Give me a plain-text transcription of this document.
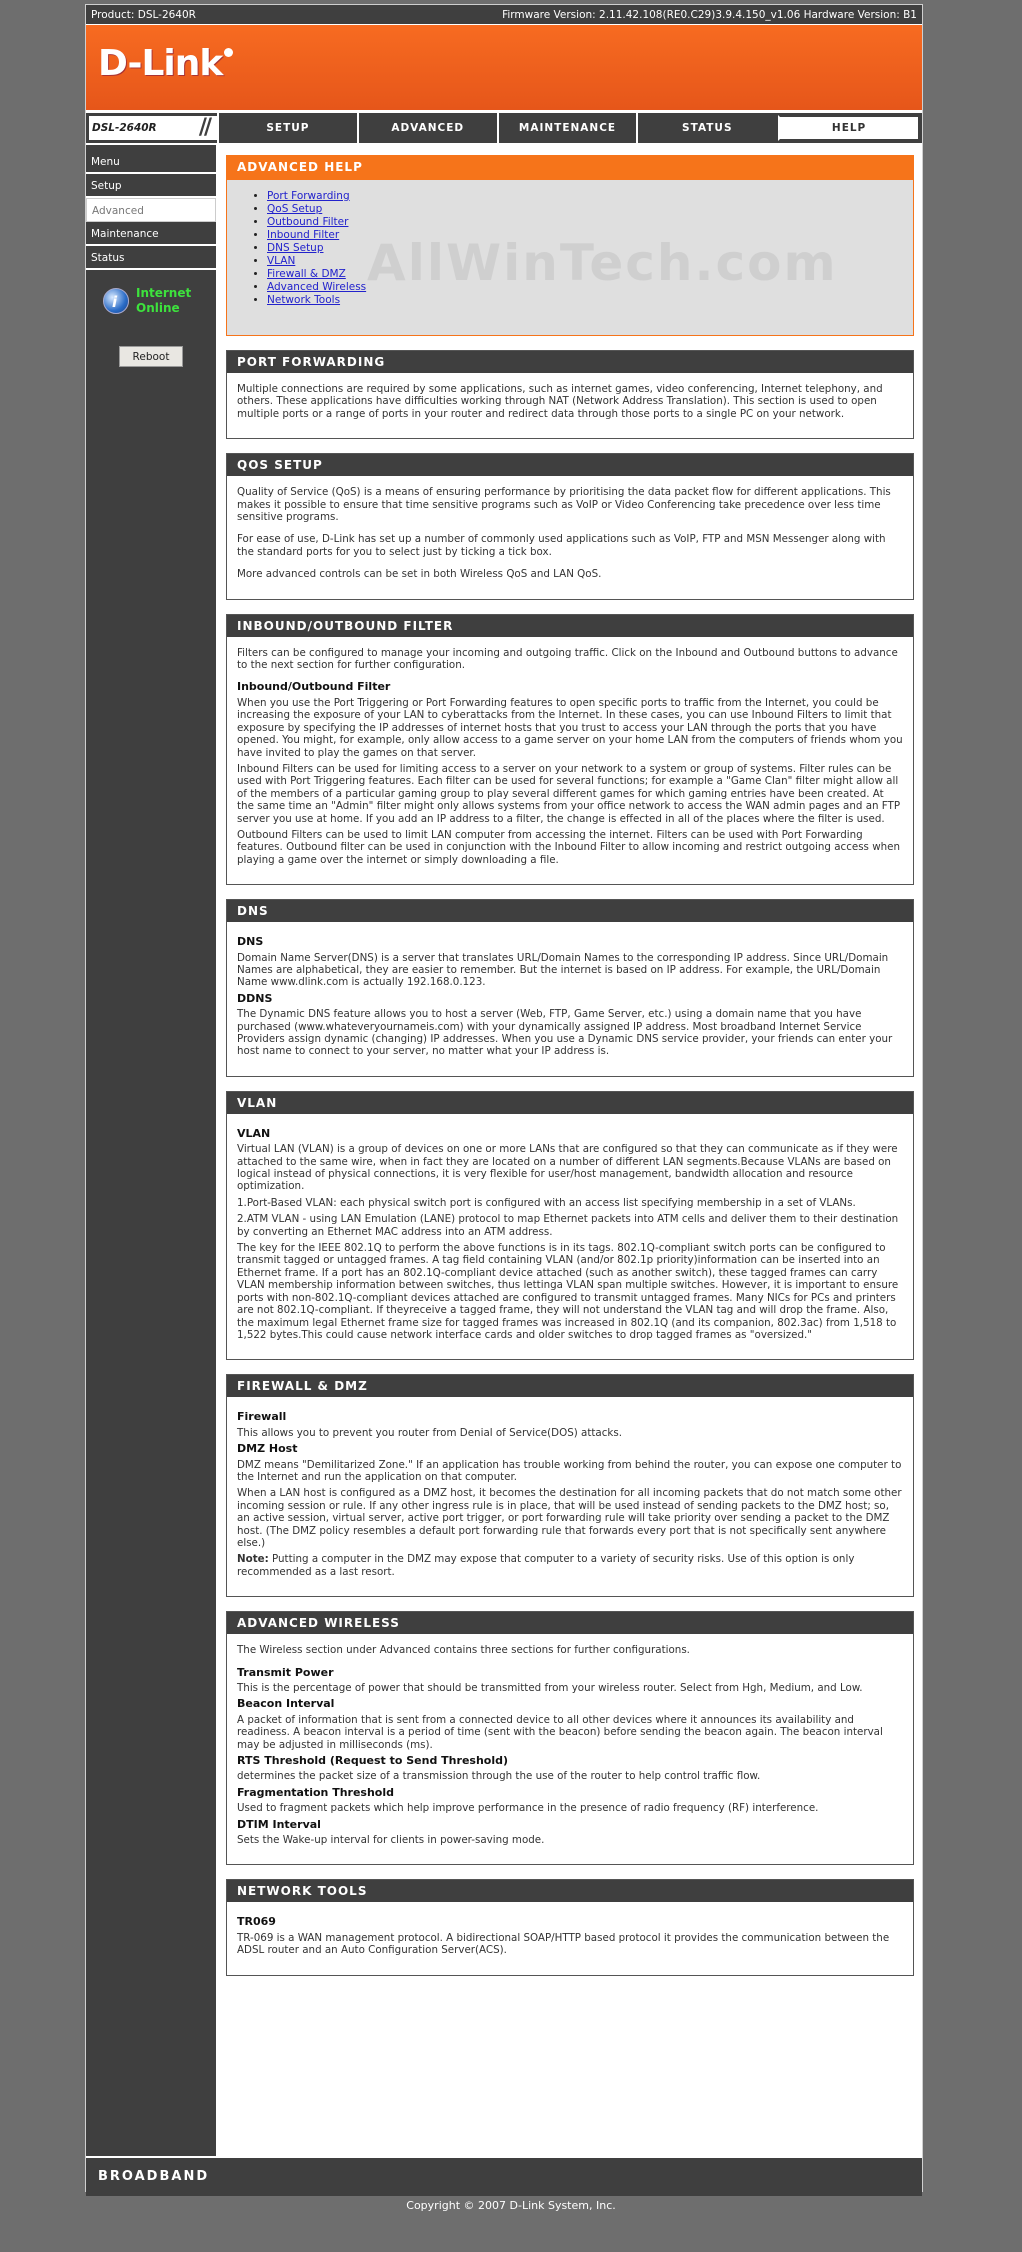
Product: DSL-2640R	Firmware Version: 2.11.42.108(RE0.C29)3.9.4.150_v1.06 Hardware Version: B1
D-Link
DSL-2640R //	SETUP	ADVANCED	MAINTENANCE	STATUS	HELP
Menu
Setup
Advanced
Maintenance
Status
i Internet
Online
Reboot
ADVANCED HELP
AllWinTech.com
• Port Forwarding
• QoS Setup
• Outbound Filter
• Inbound Filter
• DNS Setup
• VLAN
• Firewall & DMZ
• Advanced Wireless
• Network Tools
PORT FORWARDING

Multiple connections are required by some applications, such as internet games, video conferencing, Internet telephony, and others. These applications have difficulties working through NAT (Network Address Translation). This section is used to open multiple ports or a range of ports in your router and redirect data through those ports to a single PC on your network.

QOS SETUP

Quality of Service (QoS) is a means of ensuring performance by prioritising the data packet flow for different applications. This makes it possible to ensure that time sensitive programs such as VoIP or Video Conferencing take precedence over less time sensitive programs.

For ease of use, D-Link has set up a number of commonly used applications such as VoIP, FTP and MSN Messenger along with the standard ports for you to select just by ticking a tick box.

More advanced controls can be set in both Wireless QoS and LAN QoS.

INBOUND/OUTBOUND FILTER

Filters can be configured to manage your incoming and outgoing traffic. Click on the Inbound and Outbound buttons to advance to the next section for further configuration.

Inbound/Outbound Filter

When you use the Port Triggering or Port Forwarding features to open specific ports to traffic from the Internet, you could be increasing the exposure of your LAN to cyberattacks from the Internet. In these cases, you can use Inbound Filters to limit that exposure by specifying the IP addresses of internet hosts that you trust to access your LAN through the ports that you have opened. You might, for example, only allow access to a game server on your home LAN from the computers of friends whom you have invited to play the games on that server.

Inbound Filters can be used for limiting access to a server on your network to a system or group of systems. Filter rules can be used with Port Triggering features. Each filter can be used for several functions; for example a "Game Clan" filter might allow all of the members of a particular gaming group to play several different games for which gaming entries have been created. At the same time an "Admin" filter might only allows systems from your office network to access the WAN admin pages and an FTP server you use at home. If you add an IP address to a filter, the change is effected in all of the places where the filter is used.

Outbound Filters can be used to limit LAN computer from accessing the internet. Filters can be used with Port Forwarding features. Outbound filter can be used in conjunction with the Inbound Filter to allow incoming and restrict outgoing access when playing a game over the internet or simply downloading a file.

DNS
DNS

Domain Name Server(DNS) is a server that translates URL/Domain Names to the corresponding IP address. Since URL/Domain Names are alphabetical, they are easier to remember. But the internet is based on IP address. For example, the URL/Domain Name www.dlink.com is actually 192.168.0.123.

DDNS

The Dynamic DNS feature allows you to host a server (Web, FTP, Game Server, etc.) using a domain name that you have purchased (www.whateveryournameis.com) with your dynamically assigned IP address. Most broadband Internet Service Providers assign dynamic (changing) IP addresses. When you use a Dynamic DNS service provider, your friends can enter your host name to connect to your server, no matter what your IP address is.

VLAN
VLAN

Virtual LAN (VLAN) is a group of devices on one or more LANs that are configured so that they can communicate as if they were attached to the same wire, when in fact they are located on a number of different LAN segments.Because VLANs are based on logical instead of physical connections, it is very flexible for user/host management, bandwidth allocation and resource optimization.

1.Port-Based VLAN: each physical switch port is configured with an access list specifying membership in a set of VLANs.

2.ATM VLAN - using LAN Emulation (LANE) protocol to map Ethernet packets into ATM cells and deliver them to their destination by converting an Ethernet MAC address into an ATM address.

The key for the IEEE 802.1Q to perform the above functions is in its tags. 802.1Q-compliant switch ports can be configured to transmit tagged or untagged frames. A tag field containing VLAN (and/or 802.1p priority)information can be inserted into an Ethernet frame. If a port has an 802.1Q-compliant device attached (such as another switch), these tagged frames can carry VLAN membership information between switches, thus lettinga VLAN span multiple switches. However, it is important to ensure ports with non-802.1Q-compliant devices attached are configured to transmit untagged frames. Many NICs for PCs and printers are not 802.1Q-compliant. If theyreceive a tagged frame, they will not understand the VLAN tag and will drop the frame. Also, the maximum legal Ethernet frame size for tagged frames was increased in 802.1Q (and its companion, 802.3ac) from 1,518 to 1,522 bytes.This could cause network interface cards and older switches to drop tagged frames as "oversized."

FIREWALL & DMZ
Firewall

This allows you to prevent you router from Denial of Service(DOS) attacks.

DMZ Host

DMZ means "Demilitarized Zone." If an application has trouble working from behind the router, you can expose one computer to the Internet and run the application on that computer.

When a LAN host is configured as a DMZ host, it becomes the destination for all incoming packets that do not match some other incoming session or rule. If any other ingress rule is in place, that will be used instead of sending packets to the DMZ host; so, an active session, virtual server, active port trigger, or port forwarding rule will take priority over sending a packet to the DMZ host. (The DMZ policy resembles a default port forwarding rule that forwards every port that is not specifically sent anywhere else.)

Note: Putting a computer in the DMZ may expose that computer to a variety of security risks. Use of this option is only recommended as a last resort.

ADVANCED WIRELESS

The Wireless section under Advanced contains three sections for further configurations.

Transmit Power

This is the percentage of power that should be transmitted from your wireless router. Select from Hgh, Medium, and Low.

Beacon Interval

A packet of information that is sent from a connected device to all other devices where it announces its availability and readiness. A beacon interval is a period of time (sent with the beacon) before sending the beacon again. The beacon interval may be adjusted in milliseconds (ms).

RTS Threshold (Request to Send Threshold)

determines the packet size of a transmission through the use of the router to help control traffic flow.

Fragmentation Threshold

Used to fragment packets which help improve performance in the presence of radio frequency (RF) interference.

DTIM Interval

Sets the Wake-up interval for clients in power-saving mode.

NETWORK TOOLS
TR069

TR-069 is a WAN management protocol. A bidirectional SOAP/HTTP based protocol it provides the communication between the ADSL router and an Auto Configuration Server(ACS).

BROADBAND
Copyright © 2007 D-Link System, Inc.
